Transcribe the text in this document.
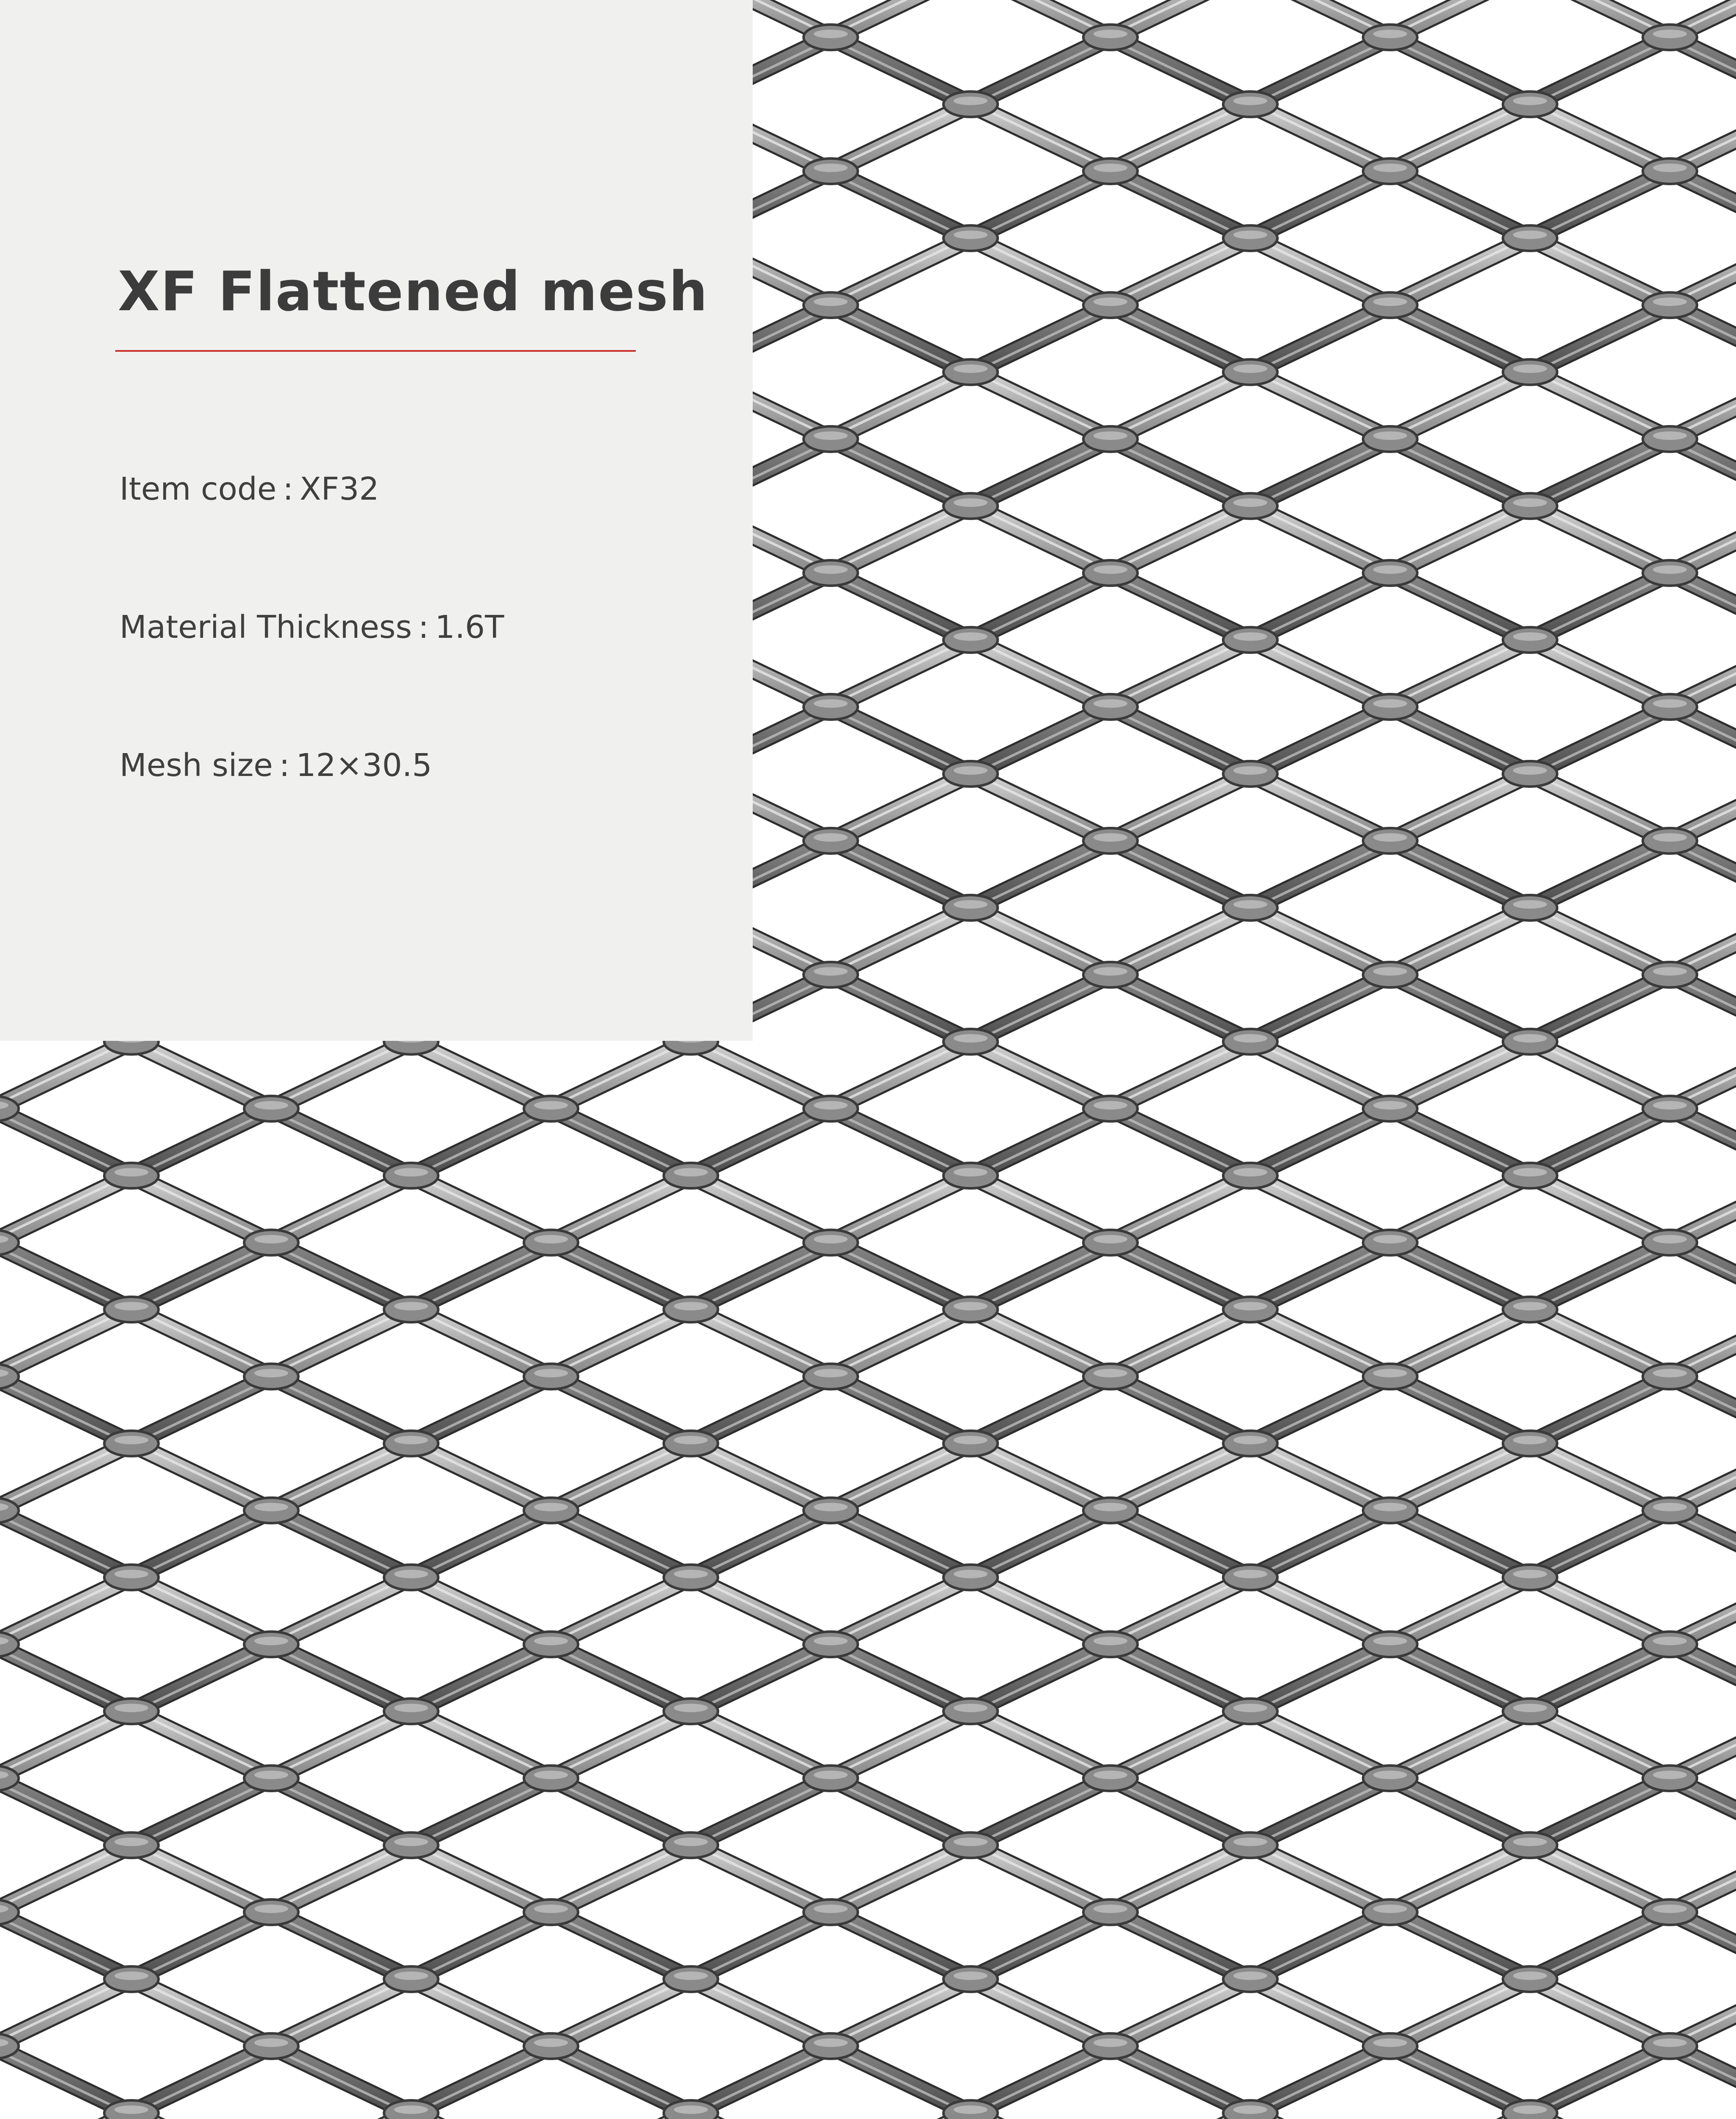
XF Flattened mesh

Item code : XF32

Material Thickness : 1.6T

Mesh size : 12×30.5
